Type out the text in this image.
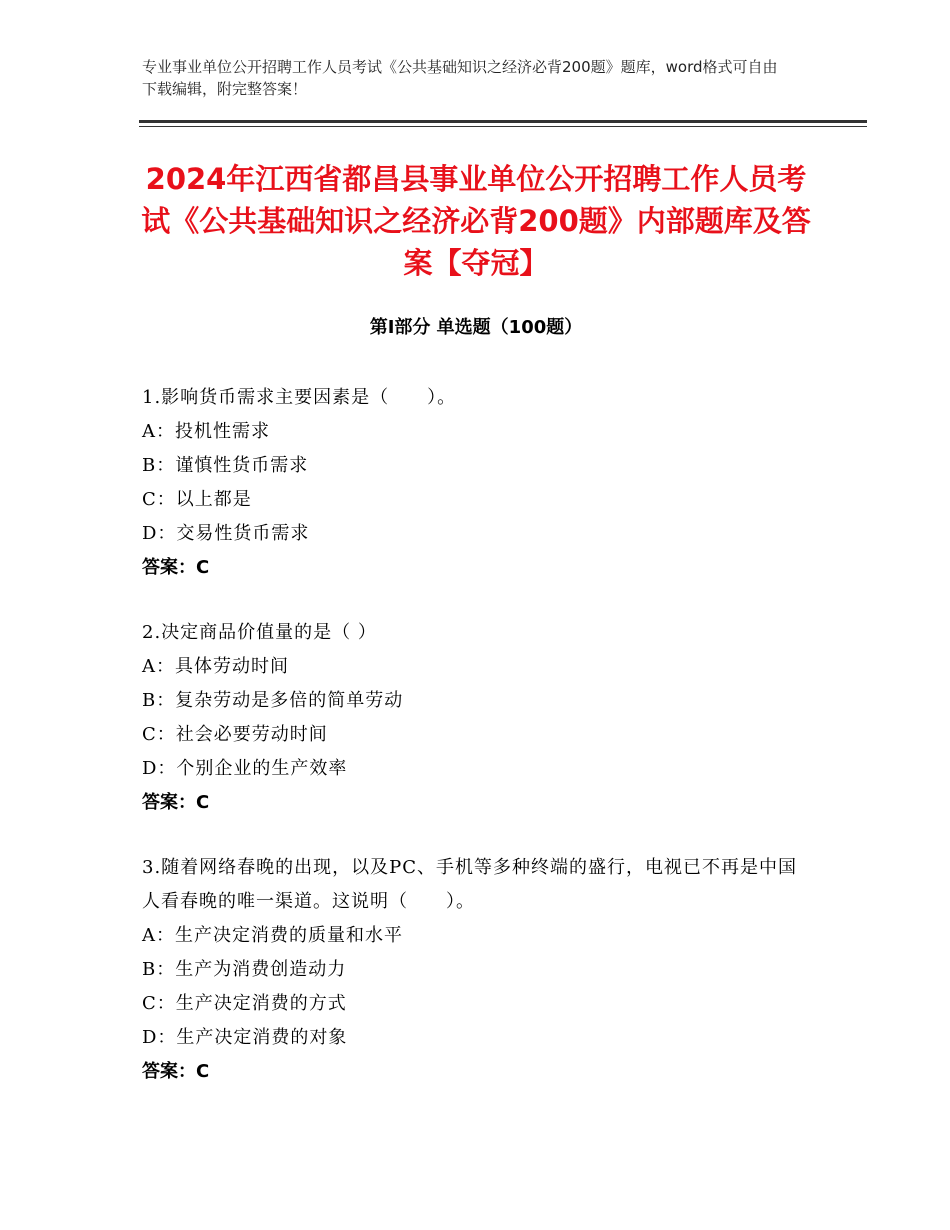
专业事业单位公开招聘工作人员考试《公共基础知识之经济必背200题》题库，word格式可自由下载编辑，附完整答案！
2024年江西省都昌县事业单位公开招聘工作人员考试《公共基础知识之经济必背200题》内部题库及答案【夺冠】
第Ⅰ部分 单选题（100题）
1.影响货币需求主要因素是（　　）。
A：投机性需求
B：谨慎性货币需求
C：以上都是
D：交易性货币需求
答案：C
2.决定商品价值量的是（ ）
A：具体劳动时间
B：复杂劳动是多倍的简单劳动
C：社会必要劳动时间
D：个别企业的生产效率
答案：C
3.随着网络春晚的出现，以及PC、手机等多种终端的盛行，电视已不再是中国人看春晚的唯一渠道。这说明（　　）。
A：生产决定消费的质量和水平
B：生产为消费创造动力
C：生产决定消费的方式
D：生产决定消费的对象
答案：C
